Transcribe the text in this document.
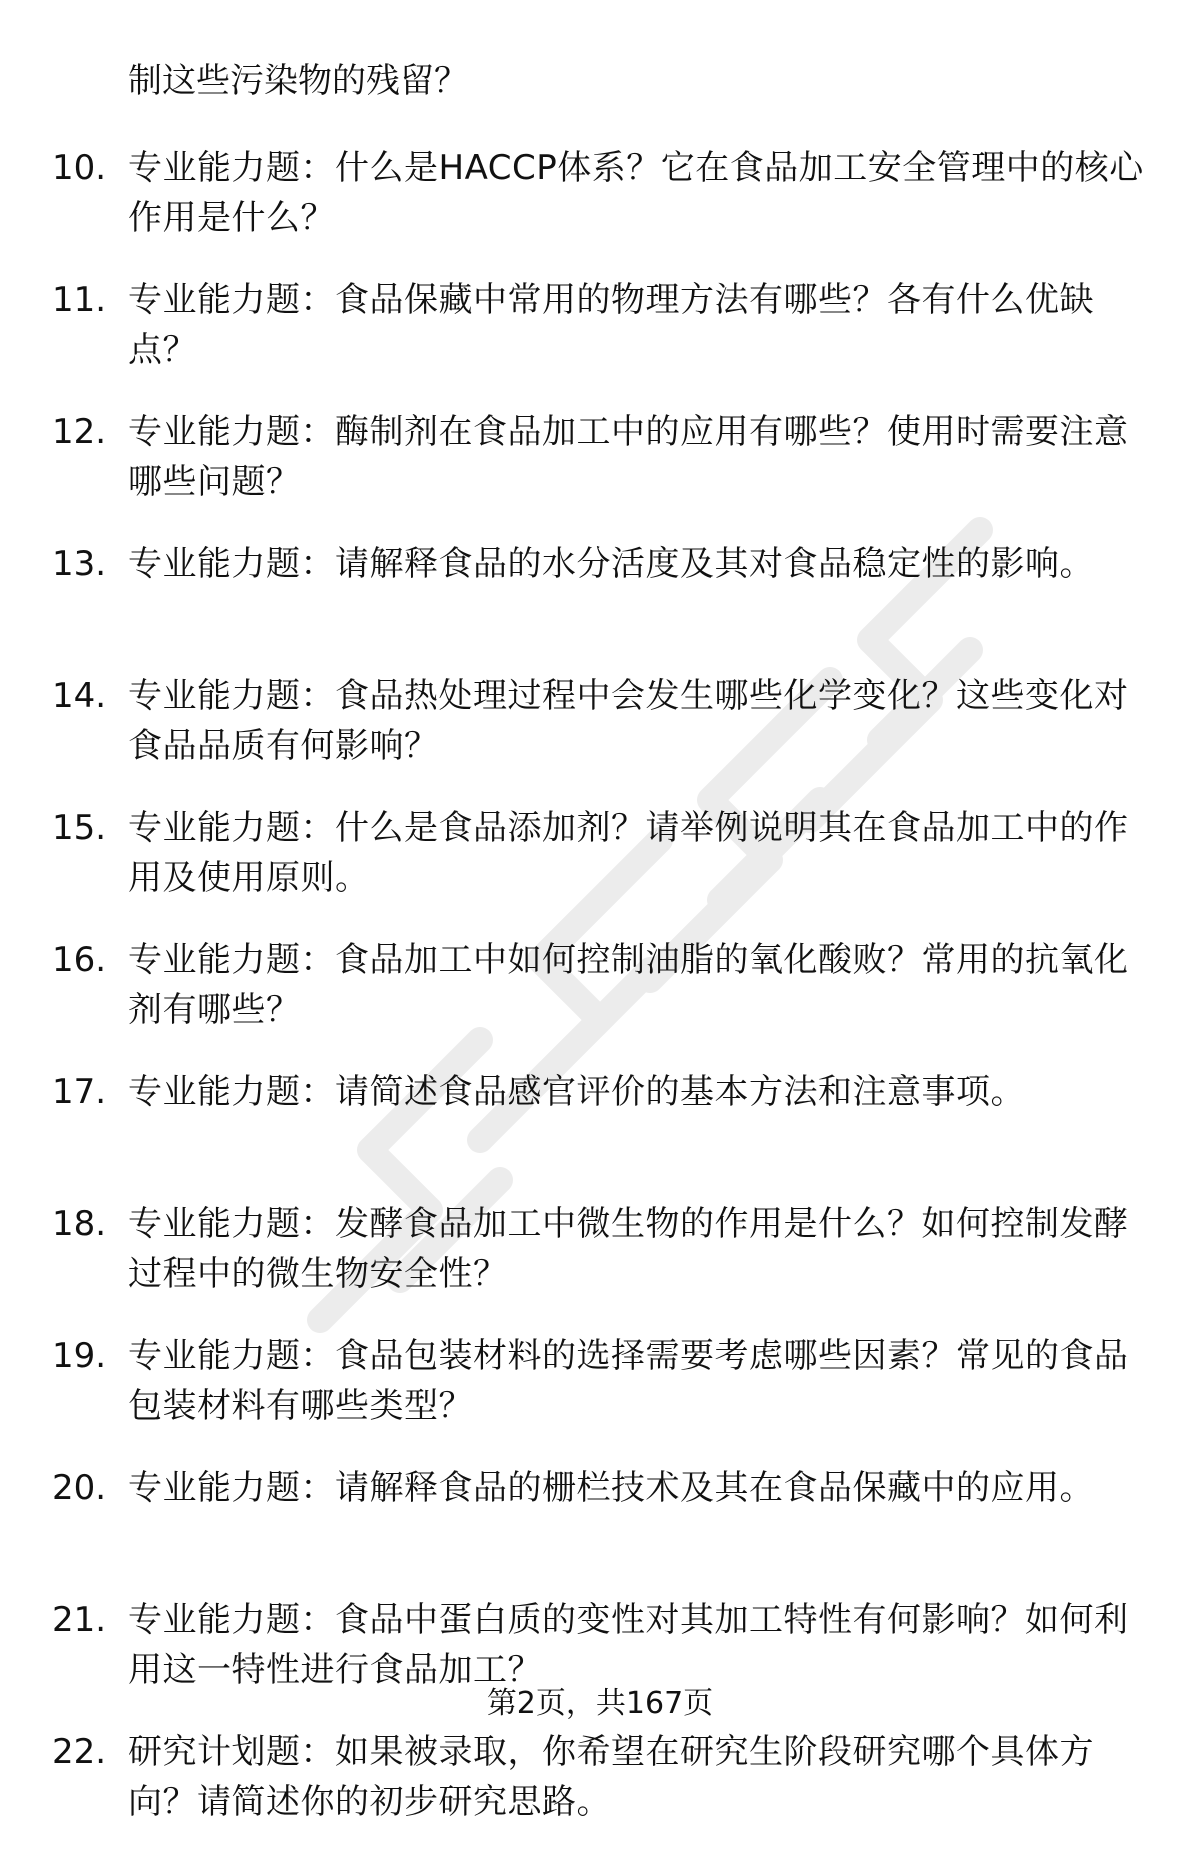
制这些污染物的残留？

10. 专业能力题：什么是HACCP体系？它在食品加工安全管理中的核心作用是什么？
11. 专业能力题：食品保藏中常用的物理方法有哪些？各有什么优缺点？
12. 专业能力题：酶制剂在食品加工中的应用有哪些？使用时需要注意哪些问题？
13. 专业能力题：请解释食品的水分活度及其对食品稳定性的影响。
14. 专业能力题：食品热处理过程中会发生哪些化学变化？这些变化对食品品质有何影响？
15. 专业能力题：什么是食品添加剂？请举例说明其在食品加工中的作用及使用原则。
16. 专业能力题：食品加工中如何控制油脂的氧化酸败？常用的抗氧化剂有哪些？
17. 专业能力题：请简述食品感官评价的基本方法和注意事项。
18. 专业能力题：发酵食品加工中微生物的作用是什么？如何控制发酵过程中的微生物安全性？
19. 专业能力题：食品包装材料的选择需要考虑哪些因素？常见的食品包装材料有哪些类型？
20. 专业能力题：请解释食品的栅栏技术及其在食品保藏中的应用。
21. 专业能力题：食品中蛋白质的变性对其加工特性有何影响？如何利用这一特性进行食品加工？
22. 研究计划题：如果被录取，你希望在研究生阶段研究哪个具体方向？请简述你的初步研究思路。
第2页，共167页
